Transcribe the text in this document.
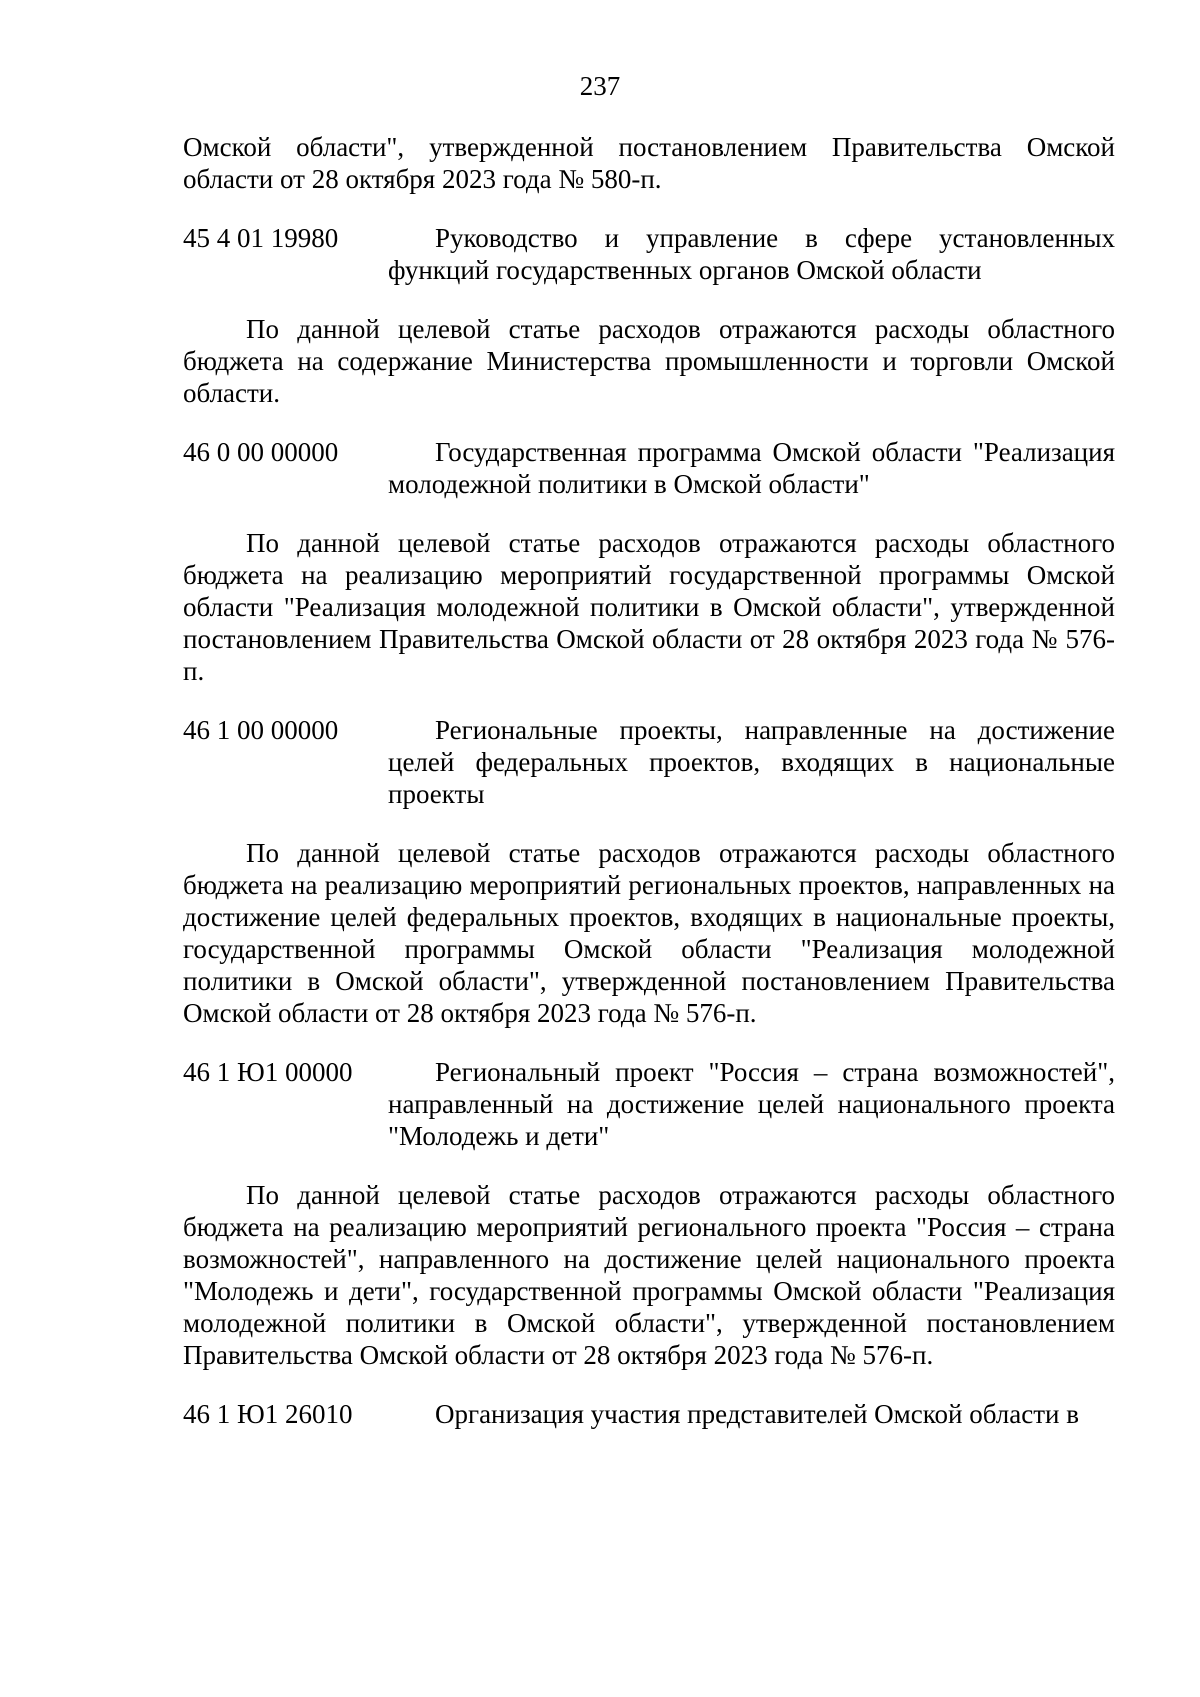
237

Омской области", утвержденной постановлением Правительства Омской области от 28 октября 2023 года № 580-п.

45 4 01 19980	Руководство и управление в сфере установленных функций государственных органов Омской области

По данной целевой статье расходов отражаются расходы областного бюджета на содержание Министерства промышленности и торговли Омской области.

46 0 00 00000	Государственная программа Омской области "Реализация молодежной политики в Омской области"

По данной целевой статье расходов отражаются расходы областного бюджета на реализацию мероприятий государственной программы Омской области "Реализация молодежной политики в Омской области", утвержденной постановлением Правительства Омской области от 28 октября 2023 года № 576-п.

46 1 00 00000	Региональные проекты, направленные на достижение целей федеральных проектов, входящих в национальные проекты

По данной целевой статье расходов отражаются расходы областного бюджета на реализацию мероприятий региональных проектов, направленных на достижение целей федеральных проектов, входящих в национальные проекты, государственной программы Омской области "Реализация молодежной политики в Омской области", утвержденной постановлением Правительства Омской области от 28 октября 2023 года № 576-п.

46 1 Ю1 00000	Региональный проект "Россия – страна возможностей", направленный на достижение целей национального проекта "Молодежь и дети"

По данной целевой статье расходов отражаются расходы областного бюджета на реализацию мероприятий регионального проекта "Россия – страна возможностей", направленного на достижение целей национального проекта "Молодежь и дети", государственной программы Омской области "Реализация молодежной политики в Омской области", утвержденной постановлением Правительства Омской области от 28 октября 2023 года № 576-п.

46 1 Ю1 26010	Организация участия представителей Омской области в
